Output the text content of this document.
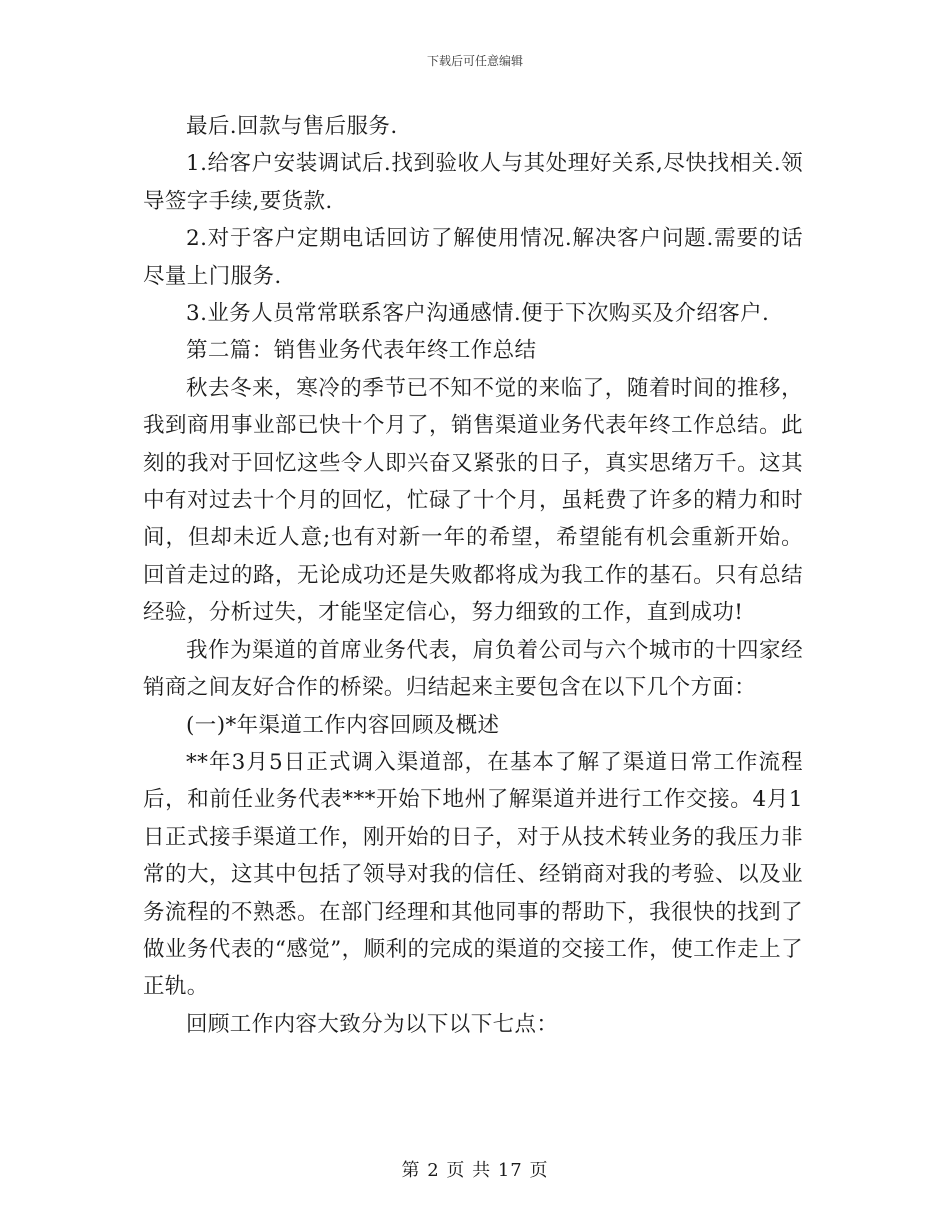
下载后可任意编辑

最后.回款与售后服务.

1.给客户安装调试后.找到验收人与其处理好关系,尽快找相关.领导签字手续,要货款.

2.对于客户定期电话回访了解使用情况.解决客户问题.需要的话尽量上门服务.

3.业务人员常常联系客户沟通感情.便于下次购买及介绍客户.

第二篇：销售业务代表年终工作总结

秋去冬来，寒冷的季节已不知不觉的来临了，随着时间的推移，我到商用事业部已快十个月了，销售渠道业务代表年终工作总结。此刻的我对于回忆这些令人即兴奋又紧张的日子，真实思绪万千。这其中有对过去十个月的回忆，忙碌了十个月，虽耗费了许多的精力和时间，但却未近人意;也有对新一年的希望，希望能有机会重新开始。回首走过的路，无论成功还是失败都将成为我工作的基石。只有总结经验，分析过失，才能坚定信心，努力细致的工作，直到成功!

我作为渠道的首席业务代表，肩负着公司与六个城市的十四家经销商之间友好合作的桥梁。归结起来主要包含在以下几个方面：

(一)*年渠道工作内容回顾及概述

**年3月5日正式调入渠道部，在基本了解了渠道日常工作流程后，和前任业务代表***开始下地州了解渠道并进行工作交接。4月1日正式接手渠道工作，刚开始的日子，对于从技术转业务的我压力非常的大，这其中包括了领导对我的信任、经销商对我的考验、以及业务流程的不熟悉。在部门经理和其他同事的帮助下，我很快的找到了做业务代表的“感觉”，顺利的完成的渠道的交接工作，使工作走上了正轨。

回顾工作内容大致分为以下以下七点：

第 2 页 共 17 页
